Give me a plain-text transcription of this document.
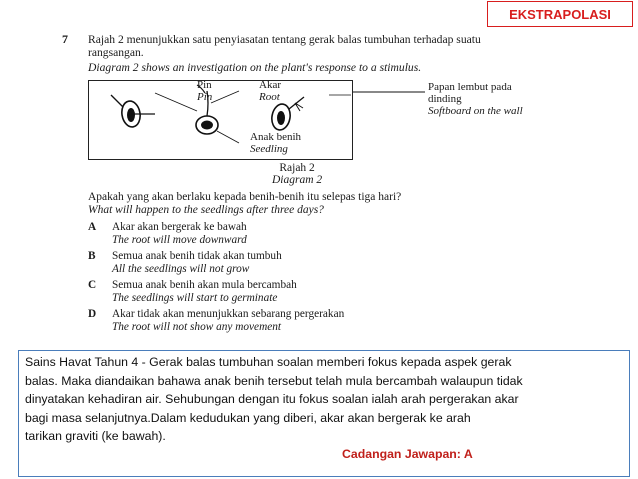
EKSTRAPOLASI
7 Rajah 2 menunjukkan satu penyiasatan tentang gerak balas tumbuhan terhadap suatu rangsangan.
Diagram 2 shows an investigation on the plant's response to a stimulus.
Pin
Pin
Akar
Root
Papan lembut pada dinding
Softboard on the wall
Anak benih
Seedling
Rajah 2
Diagram 2
Apakah yang akan berlaku kepada benih-benih itu selepas tiga hari?
What will happen to the seedlings after three days?
A Akar akan bergerak ke bawah
The root will move downward
B Semua anak benih tidak akan tumbuh
All the seedlings will not grow
C Semua anak benih akan mula bercambah
The seedlings will start to germinate
D Akar tidak akan menunjukkan sebarang pergerakan
The root will not show any movement
Sains Havat Tahun 4 - Gerak balas tumbuhan soalan memberi fokus kepada aspek gerak
balas. Maka diandaikan bahawa anak benih tersebut telah mula bercambah walaupun tidak
dinyatakan kehadiran air. Sehubungan dengan itu fokus soalan ialah arah pergerakan akar
bagi masa selanjutnya.Dalam kedudukan yang diberi, akar akan bergerak ke arah
tarikan graviti (ke bawah).
Cadangan Jawapan: A
